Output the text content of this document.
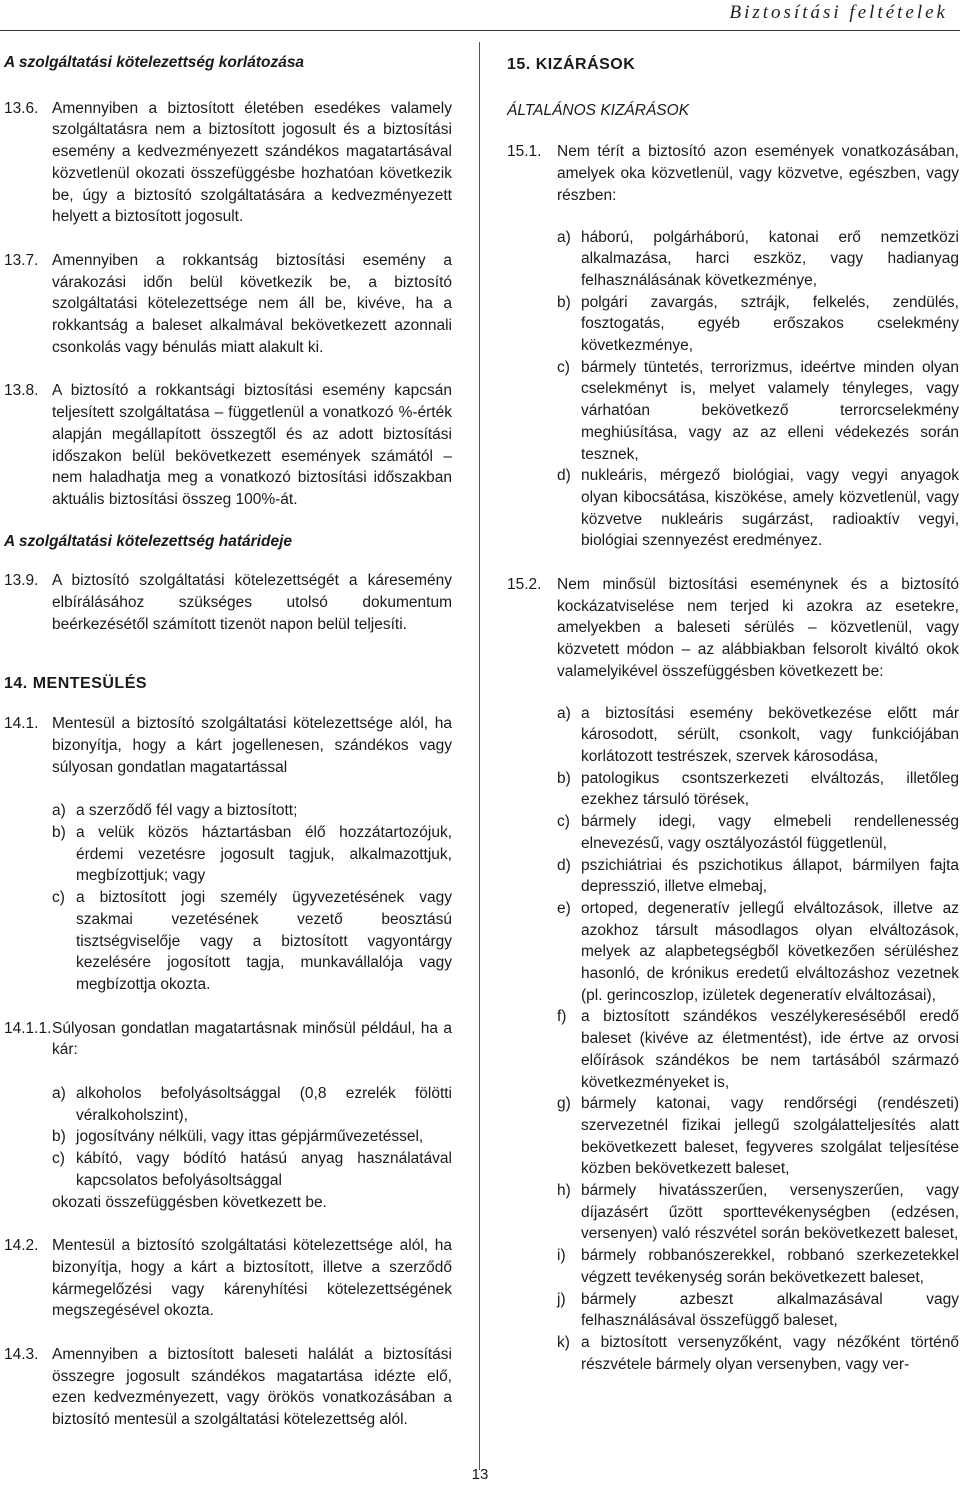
Biztosítási feltételek
A szolgáltatási kötelezettség korlátozása
13.6. Amennyiben a biztosított életében esedékes valamely szolgáltatásra nem a biztosított jogosult és a biztosítási esemény a kedvezményezett szándékos magatartásával közvetlenül okozati összefüggésbe hozhatóan következik be, úgy a biztosító szolgáltatására a kedvezményezett helyett a biztosított jogosult.
13.7. Amennyiben a rokkantság biztosítási esemény a várakozási időn belül következik be, a biztosító szolgáltatási kötelezettsége nem áll be, kivéve, ha a rokkantság a baleset alkalmával bekövetkezett azonnali csonkolás vagy bénulás miatt alakult ki.
13.8. A biztosító a rokkantsági biztosítási esemény kapcsán teljesített szolgáltatása – függetlenül a vonatkozó %-érték alapján megállapított összegtől és az adott biztosítási időszakon belül bekövetkezett események számától – nem haladhatja meg a vonatkozó biztosítási időszakban aktuális biztosítási összeg 100%-át.
A szolgáltatási kötelezettség határideje
13.9. A biztosító szolgáltatási kötelezettségét a káresemény elbírálásához szükséges utolsó dokumentum beérkezésétől számított tizenöt napon belül teljesíti.
14. MENTESÜLÉS
14.1. Mentesül a biztosító szolgáltatási kötelezettsége alól, ha bizonyítja, hogy a kárt jogellenesen, szándékos vagy súlyosan gondatlan magatartással
a) a szerződő fél vagy a biztosított;
b) a velük közös háztartásban élő hozzátartozójuk, érdemi vezetésre jogosult tagjuk, alkalmazottjuk, megbízottjuk; vagy
c) a biztosított jogi személy ügyvezetésének vagy szakmai vezetésének vezető beosztású tisztségviselője vagy a biztosított vagyontárgy kezelésére jogosított tagja, munkavállalója vagy megbízottja okozta.
14.1.1. Súlyosan gondatlan magatartásnak minősül például, ha a kár:
a) alkoholos befolyásoltsággal (0,8 ezrelék fölötti véralkoholszint),
b) jogosítvány nélküli, vagy ittas gépjárművezetéssel,
c) kábító, vagy bódító hatású anyag használatával kapcsolatos befolyásoltsággal
okozati összefüggésben következett be.
14.2. Mentesül a biztosító szolgáltatási kötelezettsége alól, ha bizonyítja, hogy a kárt a biztosított, illetve a szerződő kármegelőzési vagy kárenyhítési kötelezettségének megszegésével okozta.
14.3. Amennyiben a biztosított baleseti halálát a biztosítási összegre jogosult szándékos magatartása idézte elő, ezen kedvezményezett, vagy örökös vonatkozásában a biztosító mentesül a szolgáltatási kötelezettség alól.
15. KIZÁRÁSOK
ÁLTALÁNOS KIZÁRÁSOK
15.1.	Nem térít a biztosító azon események vonatkozásában, amelyek oka közvetlenül, vagy közvetve, egészben, vagy részben:
a) háború, polgárháború, katonai erő nemzetközi alkalmazása, harci eszköz, vagy hadianyag felhasználásának következménye,
b) polgári zavargás, sztrájk, felkelés, zendülés, fosztogatás, egyéb erőszakos cselekmény következménye,
c) bármely tüntetés, terrorizmus, ideértve minden olyan cselekményt is, melyet valamely tényleges, vagy várhatóan bekövetkező terrorcselekmény meghiúsítása, vagy az az elleni védekezés során tesznek,
d) nukleáris, mérgező biológiai, vagy vegyi anyagok olyan kibocsátása, kiszökése, amely közvetlenül, vagy közvetve nukleáris sugárzást, radioaktív vegyi, biológiai szennyezést eredményez.
15.2.	Nem minősül biztosítási eseménynek és a biztosító kockázatviselése nem terjed ki azokra az esetekre, amelyekben a baleseti sérülés – közvetlenül, vagy közvetett módon – az alábbiakban felsorolt kiváltó okok valamelyikével összefüggésben következett be:
a) a biztosítási esemény bekövetkezése előtt már károsodott, sérült, csonkolt, vagy funkciójában korlátozott testrészek, szervek károsodása,
b) patologikus csontszerkezeti elváltozás, illetőleg ezekhez társuló törések,
c) bármely idegi, vagy elmebeli rendellenesség elnevezésű, vagy osztályozástól függetlenül,
d) pszichiátriai és pszichotikus állapot, bármilyen fajta depresszió, illetve elmebaj,
e) ortoped, degeneratív jellegű elváltozások, illetve az azokhoz társult másodlagos olyan elváltozások, melyek az alapbetegségből következően sérüléshez hasonló, de krónikus eredetű elváltozáshoz vezetnek (pl. gerincoszlop, izületek degeneratív elváltozásai),
f) a biztosított szándékos veszélykereséséből eredő baleset (kivéve az életmentést), ide értve az orvosi előírások szándékos be nem tartásából származó következményeket is,
g) bármely katonai, vagy rendőrségi (rendészeti) szervezetnél fizikai jellegű szolgálatteljesítés alatt bekövetkezett baleset, fegyveres szolgálat teljesítése közben bekövetkezett baleset,
h) bármely hivatásszerűen, versenyszerűen, vagy díjazásért űzött sporttevékenységben (edzésen, versenyen) való részvétel során bekövetkezett baleset,
i) bármely robbanószerekkel, robbanó szerkezetekkel végzett tevékenység során bekövetkezett baleset,
j) bármely azbeszt alkalmazásával vagy felhasználásával összefüggő baleset,
k) a biztosított versenyzőként, vagy nézőként történő részvétele bármely olyan versenyben, vagy ver-
13
